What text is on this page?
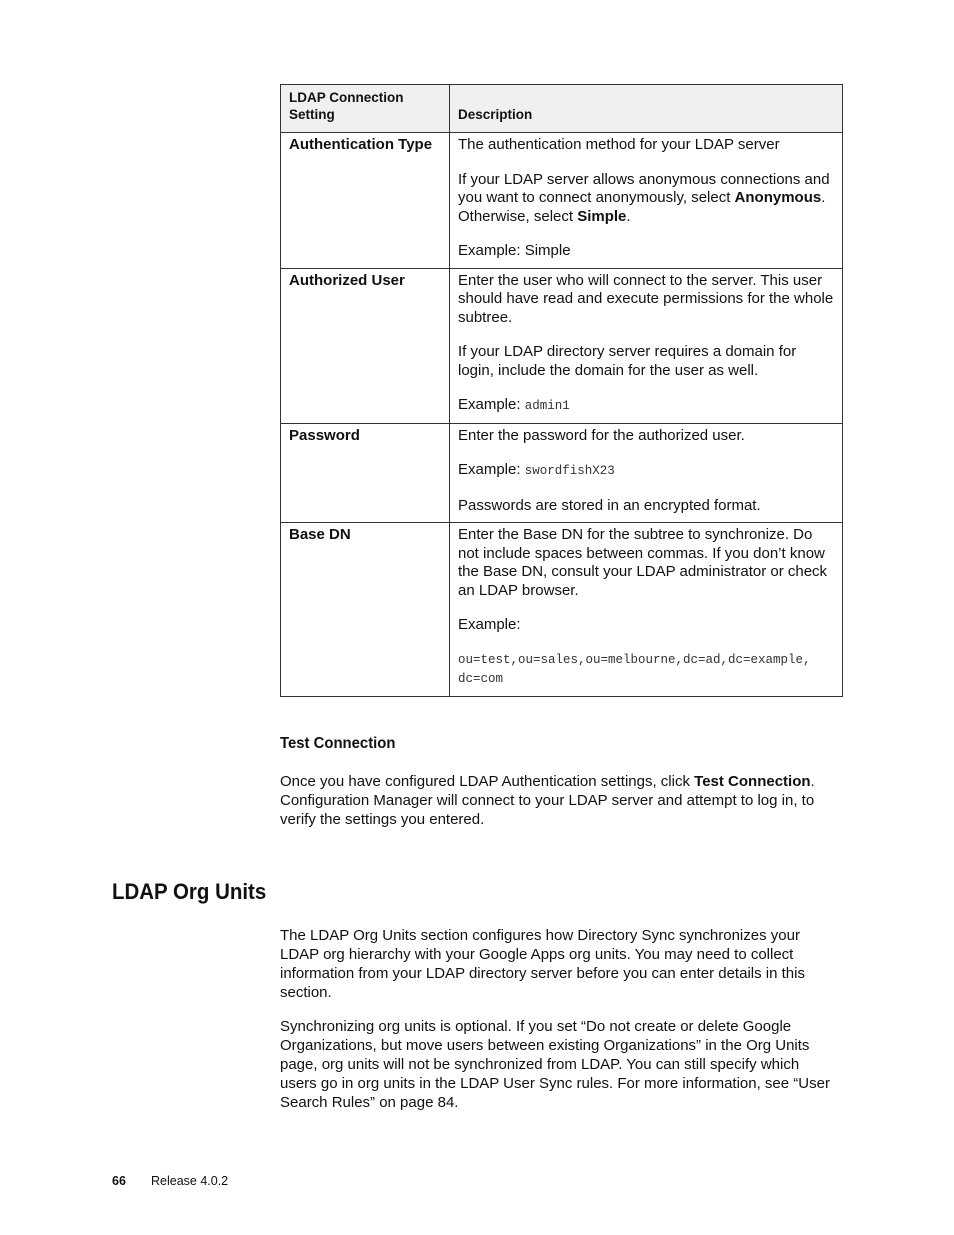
LDAP Connection
Setting	Description
Authentication Type	The authentication method for your LDAP server

If your LDAP server allows anonymous connections and you want to connect anonymously, select Anonymous. Otherwise, select Simple.

Example: Simple

Authorized User	Enter the user who will connect to the server. This user should have read and execute permissions for the whole subtree.

If your LDAP directory server requires a domain for login, include the domain for the user as well.

Example: admin1

Password	Enter the password for the authorized user.

Example: swordfishX23

Passwords are stored in an encrypted format.

Base DN	Enter the Base DN for the subtree to synchronize. Do not include spaces between commas. If you don’t know the Base DN, consult your LDAP administrator or check an LDAP browser.

Example:

ou=test,ou=sales,ou=melbourne,dc=ad,dc=example,

dc=com

Test Connection

Once you have configured LDAP Authentication settings, click Test Connection. Configuration Manager will connect to your LDAP server and attempt to log in, to verify the settings you entered.

LDAP Org Units

The LDAP Org Units section configures how Directory Sync synchronizes your LDAP org hierarchy with your Google Apps org units. You may need to collect information from your LDAP directory server before you can enter details in this section.

Synchronizing org units is optional. If you set “Do not create or delete Google Organizations, but move users between existing Organizations” in the Org Units page, org units will not be synchronized from LDAP. You can still specify which users go in org units in the LDAP User Sync rules. For more information, see “User Search Rules” on page 84.

66 Release 4.0.2
